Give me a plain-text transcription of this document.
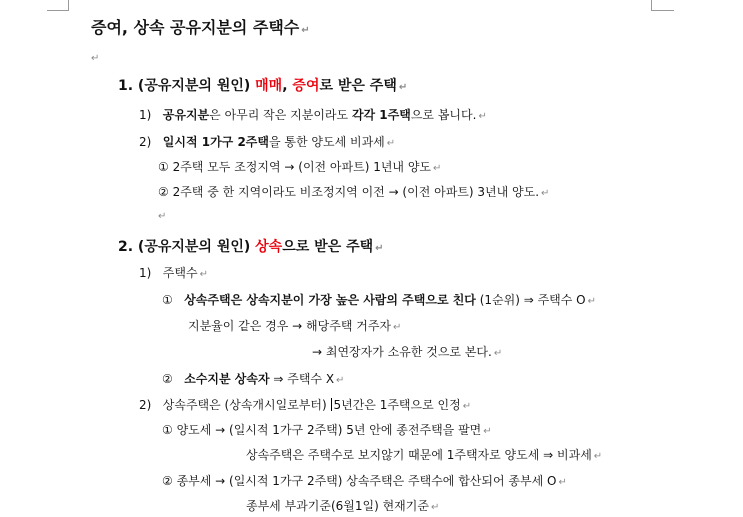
증여, 상속 공유지분의 주택수 ↵
↵
1. (공유지분의 원인) 매매, 증여로 받은 주택 ↵
1) 공유지분은 아무리 작은 지분이라도 각각 1주택으로 봅니다. ↵
2) 일시적 1가구 2주택을 통한 양도세 비과세 ↵
① 2주택 모두 조정지역 → (이전 아파트) 1년내 양도 ↵
② 2주택 중 한 지역이라도 비조정지역 이전 → (이전 아파트) 3년내 양도. ↵
↵
2. (공유지분의 원인) 상속으로 받은 주택 ↵
1) 주택수 ↵
① 상속주택은 상속지분이 가장 높은 사람의 주택으로 친다 (1순위) ⇒ 주택수 O ↵
지분율이 같은 경우 → 해당주택 거주자 ↵
→ 최연장자가 소유한 것으로 본다. ↵
② 소수지분 상속자 ⇒ 주택수 X ↵
2) 상속주택은 (상속개시일로부터) 5년간은 1주택으로 인정 ↵
① 양도세 → (일시적 1가구 2주택) 5년 안에 종전주택을 팔면 ↵
상속주택은 주택수로 보지않기 때문에 1주택자로 양도세 ⇒ 비과세 ↵
② 종부세 → (일시적 1가구 2주택) 상속주택은 주택수에 합산되어 종부세 O ↵
종부세 부과기준(6월1일) 현재기준 ↵
